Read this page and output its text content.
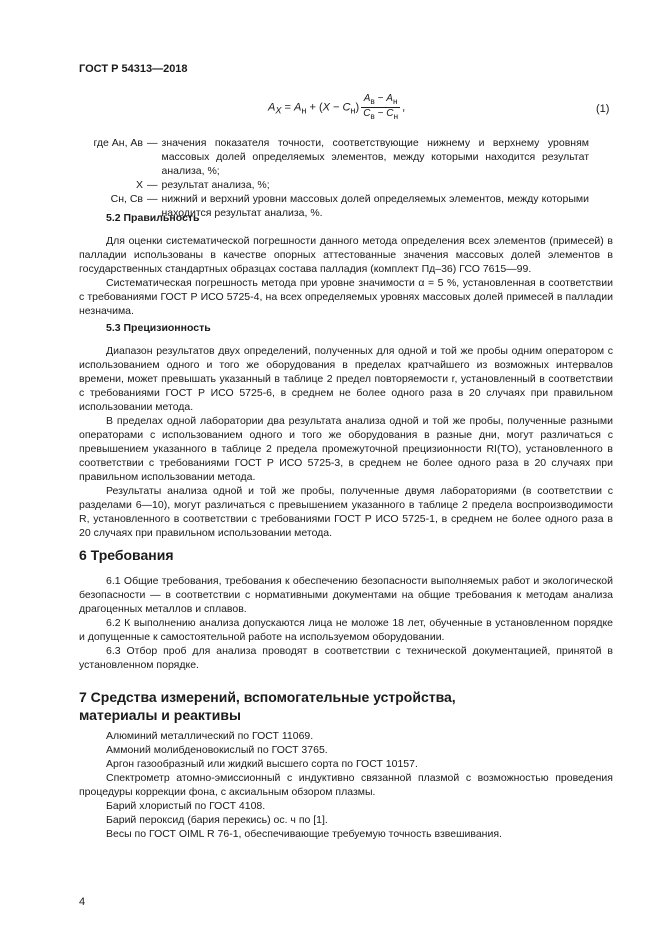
ГОСТ Р 54313—2018
$A_X = A_н + (X - C_н) \frac{A_в - A_н}{C_в - C_н}$ ,	(1)
где Aн, Aв — значения показателя точности, соответствующие нижнему и верхнему уровням массовых долей определяемых элементов, между которыми находится результат анализа, %;
X — результат анализа, %;
Cн, Cв — нижний и верхний уровни массовых долей определяемых элементов, между которыми находится результат анализа, %.
5.2 Правильность

Для оценки систематической погрешности данного метода определения всех элементов (примесей) в палладии использованы в качестве опорных аттестованные значения массовых долей элементов в государственных стандартных образцах состава палладия (комплект Пд–36) ГСО 7615—99.

Систематическая погрешность метода при уровне значимости α = 5 %, установленная в соответствии с требованиями ГОСТ Р ИСО 5725-4, на всех определяемых уровнях массовых долей примесей в палладии незначима.

5.3 Прецизионность

Диапазон результатов двух определений, полученных для одной и той же пробы одним оператором с использованием одного и того же оборудования в пределах кратчайшего из возможных интервалов времени, может превышать указанный в таблице 2 предел повторяемости r, установленный в соответствии с требованиями ГОСТ Р ИСО 5725-6, в среднем не более одного раза в 20 случаях при правильном использовании метода.

В пределах одной лаборатории два результата анализа одной и той же пробы, полученные разными операторами с использованием одного и того же оборудования в разные дни, могут различаться с превышением указанного в таблице 2 предела промежуточной прецизионности RI(TO), установленного в соответствии с требованиями ГОСТ Р ИСО 5725-3, в среднем не более одного раза в 20 случаях при правильном использовании метода.

Результаты анализа одной и той же пробы, полученные двумя лабораториями (в соответствии с разделами 6—10), могут различаться с превышением указанного в таблице 2 предела воспроизводимости R, установленного в соответствии с требованиями ГОСТ Р ИСО 5725-1, в среднем не более одного раза в 20 случаях при правильном использовании метода.

6 Требования

6.1 Общие требования, требования к обеспечению безопасности выполняемых работ и экологической безопасности — в соответствии с нормативными документами на общие требования к методам анализа драгоценных металлов и сплавов.

6.2 К выполнению анализа допускаются лица не моложе 18 лет, обученные в установленном порядке и допущенные к самостоятельной работе на используемом оборудовании.

6.3 Отбор проб для анализа проводят в соответствии с технической документацией, принятой в установленном порядке.

7 Средства измерений, вспомогательные устройства,
материалы и реактивы

Алюминий металлический по ГОСТ 11069.

Аммоний молибденовокислый по ГОСТ 3765.

Аргон газообразный или жидкий высшего сорта по ГОСТ 10157.

Спектрометр атомно-эмиссионный с индуктивно связанной плазмой с возможностью проведения процедуры коррекции фона, с аксиальным обзором плазмы.

Барий хлористый по ГОСТ 4108.

Барий пероксид (бария перекись) ос. ч по [1].

Весы по ГОСТ OIML R 76-1, обеспечивающие требуемую точность взвешивания.

4
